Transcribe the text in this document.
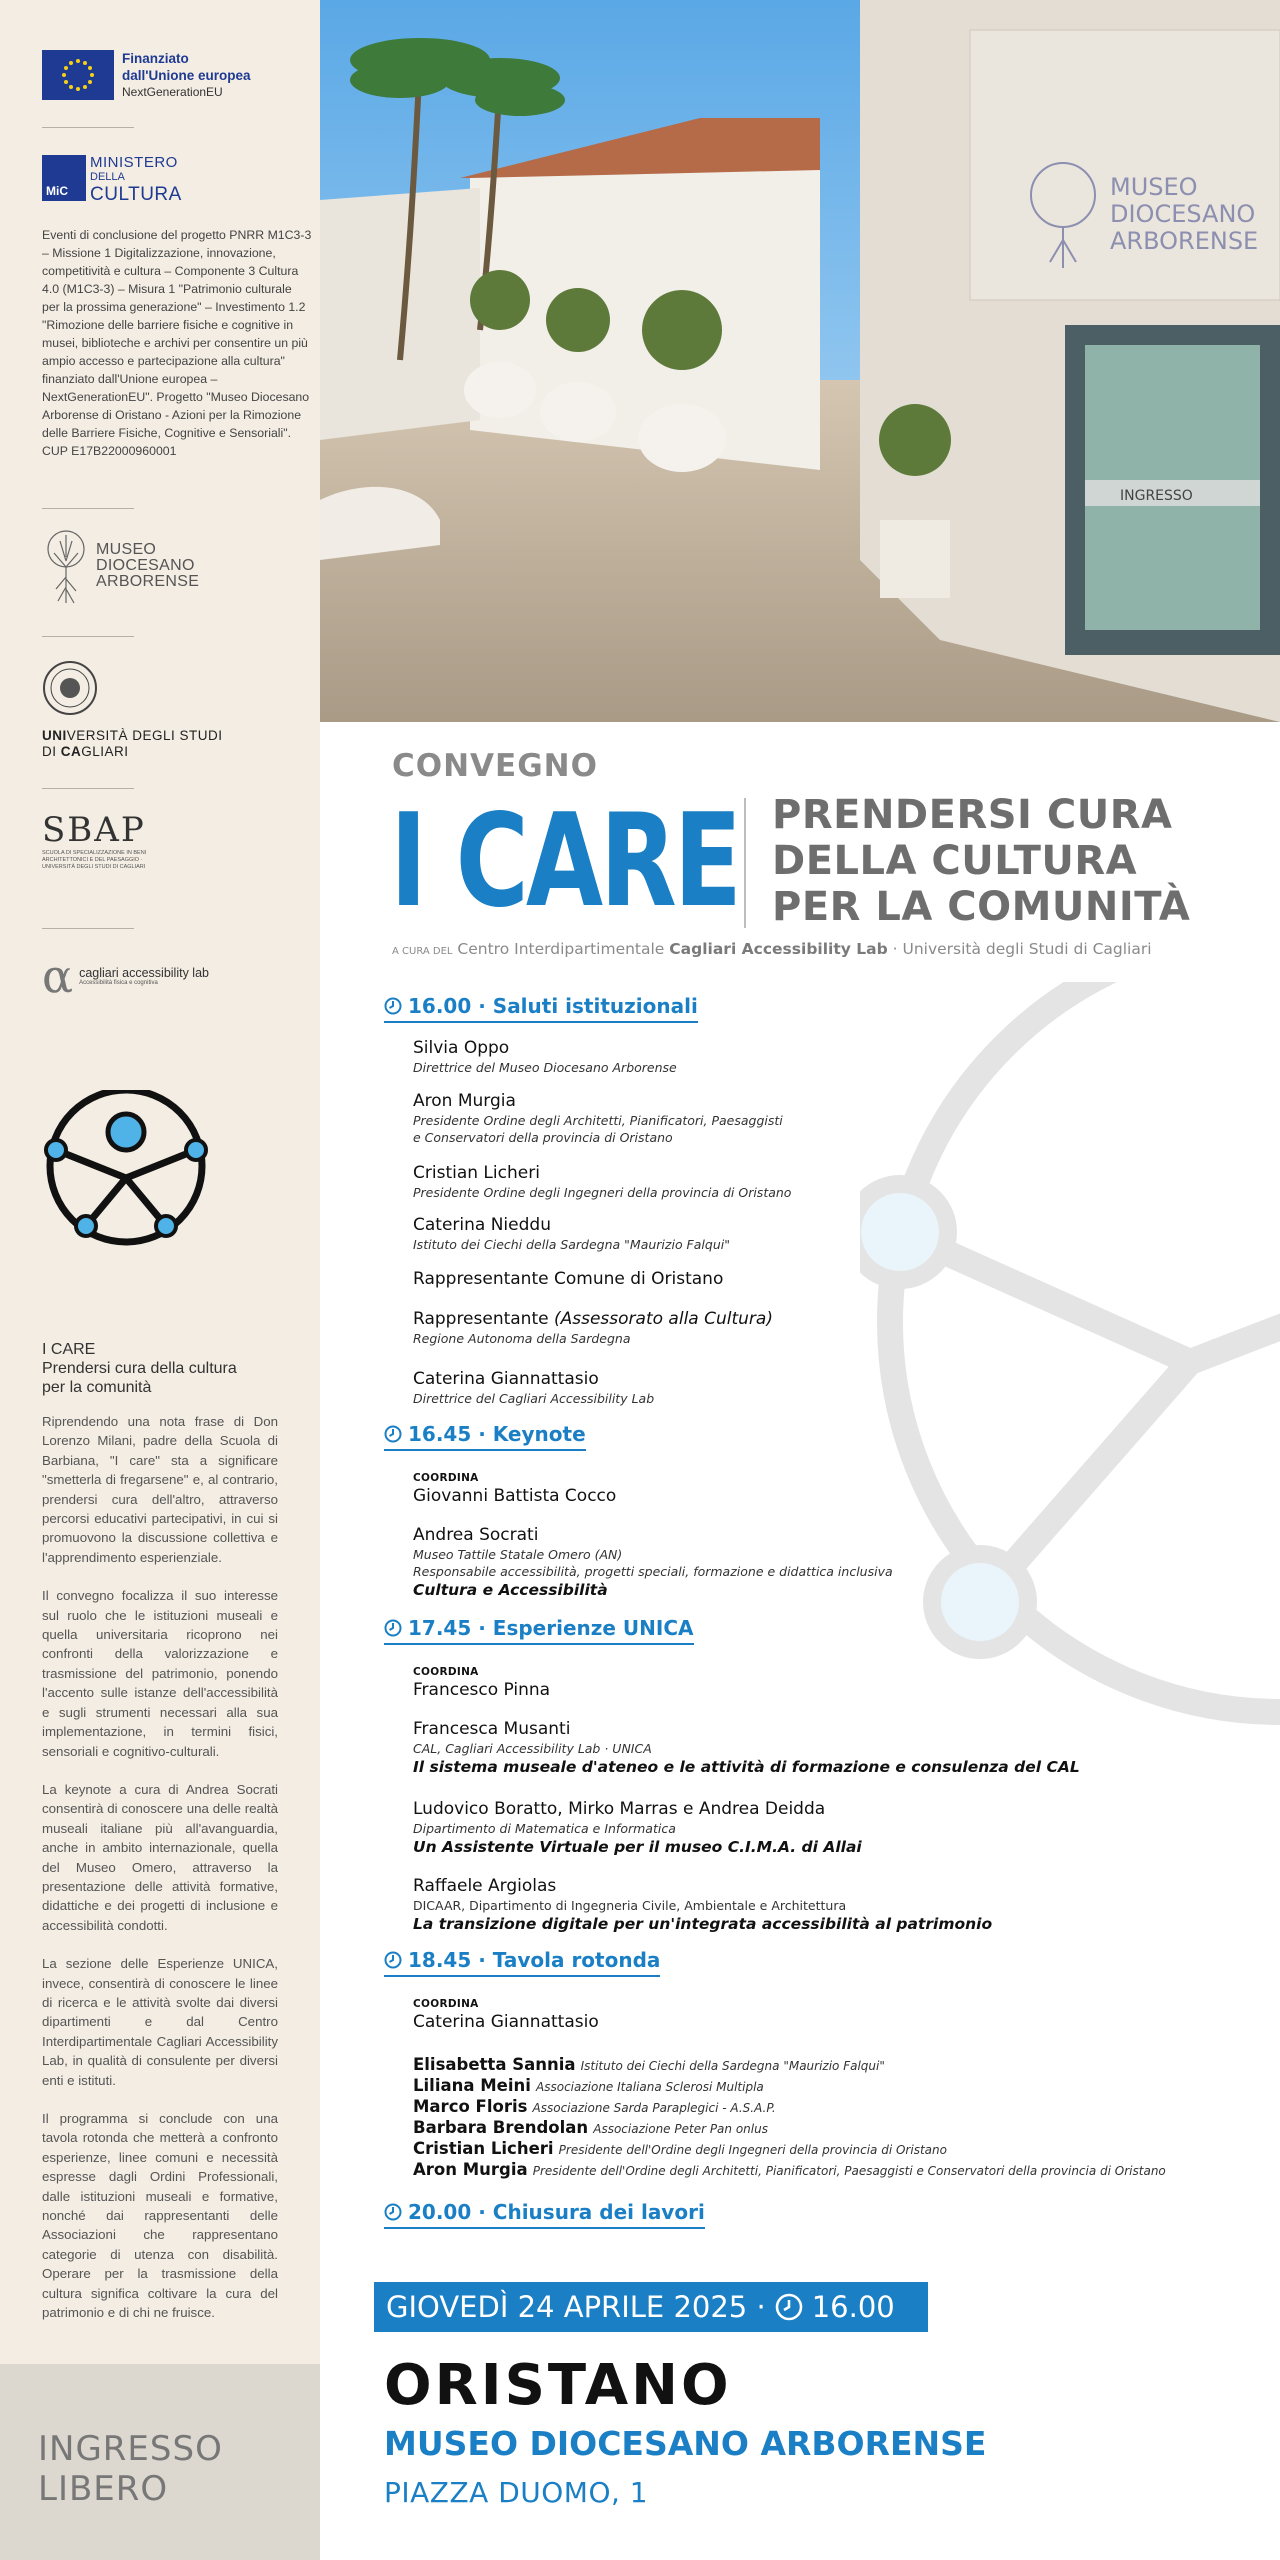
Finanziato
dall'Unione europea
NextGenerationEU
MiC
MINISTERO
DELLA
CULTURA
Eventi di conclusione del progetto PNRR M1C3-3 – Missione 1 Digitalizzazione, innovazione, competitività e cultura – Componente 3 Cultura 4.0 (M1C3-3) – Misura 1 "Patrimonio culturale per la prossima generazione" – Investimento 1.2 "Rimozione delle barriere fisiche e cognitive in musei, biblioteche e archivi per consentire un più ampio accesso e partecipazione alla cultura" finanziato dall'Unione europea – NextGenerationEU". Progetto "Museo Diocesano Arborense di Oristano - Azioni per la Rimozione delle Barriere Fisiche, Cognitive e Sensoriali". CUP E17B22000960001
MUSEO
DIOCESANO
ARBORENSE
UNIVERSITÀ DEGLI STUDI
DI CAGLIARI
SBAP
SCUOLA DI SPECIALIZZAZIONE IN BENI ARCHITETTONICI E DEL PAESAGGIO · UNIVERSITÀ DEGLI STUDI DI CAGLIARI
α cagliari accessibility lab
Accessibilità fisica e cognitiva
I CARE
Prendersi cura della cultura
per la comunità

Riprendendo una nota frase di Don Lorenzo Milani, padre della Scuola di Barbiana, "I care" sta a significare "smetterla di fregarsene" e, al contrario, prendersi cura dell'altro, attraverso percorsi educativi partecipativi, in cui si promuovono la discussione collettiva e l'apprendimento esperienziale.

Il convegno focalizza il suo interesse sul ruolo che le istituzioni museali e quella universitaria ricoprono nei confronti della valorizzazione e trasmissione del patrimonio, ponendo l'accento sulle istanze dell'accessibilità e sugli strumenti necessari alla sua implementazione, in termini fisici, sensoriali e cognitivo-culturali.

La keynote a cura di Andrea Socrati consentirà di conoscere una delle realtà museali italiane più all'avanguardia, anche in ambito internazionale, quella del Museo Omero, attraverso la presentazione delle attività formative, didattiche e dei progetti di inclusione e accessibilità condotti.

La sezione delle Esperienze UNICA, invece, consentirà di conoscere le linee di ricerca e le attività svolte dai diversi dipartimenti e dal Centro Interdipartimentale Cagliari Accessibility Lab, in qualità di consulente per diversi enti e istituti.

Il programma si conclude con una tavola rotonda che metterà a confronto esperienze, linee comuni e necessità espresse dagli Ordini Professionali, dalle istituzioni museali e formative, nonché dai rappresentanti delle Associazioni che rappresentano categorie di utenza con disabilità. Operare per la trasmissione della cultura significa coltivare la cura del patrimonio e di chi ne fruisce.

INGRESSO
LIBERO
MUSEO
DIOCESANO
ARBORENSE
INGRESSO
CONVEGNO
I CARE PRENDERSI CURA
DELLA CULTURA
PER LA COMUNITÀ
A CURA DEL Centro Interdipartimentale Cagliari Accessibility Lab · Università degli Studi di Cagliari
16.00 · Saluti istituzionali
Silvia Oppo
Direttrice del Museo Diocesano Arborense
Aron Murgia
Presidente Ordine degli Architetti, Pianificatori, Paesaggisti
e Conservatori della provincia di Oristano
Cristian Licheri
Presidente Ordine degli Ingegneri della provincia di Oristano
Caterina Nieddu
Istituto dei Ciechi della Sardegna "Maurizio Falqui"
Rappresentante Comune di Oristano
Rappresentante (Assessorato alla Cultura)
Regione Autonoma della Sardegna
Caterina Giannattasio
Direttrice del Cagliari Accessibility Lab
16.45 · Keynote
COORDINA
Giovanni Battista Cocco
Andrea Socrati
Museo Tattile Statale Omero (AN)
Responsabile accessibilità, progetti speciali, formazione e didattica inclusiva
Cultura e Accessibilità
17.45 · Esperienze UNICA
COORDINA
Francesco Pinna
Francesca Musanti
CAL, Cagliari Accessibility Lab · UNICA
Il sistema museale d'ateneo e le attività di formazione e consulenza del CAL
Ludovico Boratto, Mirko Marras e Andrea Deidda
Dipartimento di Matematica e Informatica
Un Assistente Virtuale per il museo C.I.M.A. di Allai
Raffaele Argiolas
DICAAR, Dipartimento di Ingegneria Civile, Ambientale e Architettura
La transizione digitale per un'integrata accessibilità al patrimonio
18.45 · Tavola rotonda
COORDINA
Caterina Giannattasio
Elisabetta Sannia Istituto dei Ciechi della Sardegna "Maurizio Falqui"
Liliana Meini Associazione Italiana Sclerosi Multipla
Marco Floris Associazione Sarda Paraplegici - A.S.A.P.
Barbara Brendolan Associazione Peter Pan onlus
Cristian Licheri Presidente dell'Ordine degli Ingegneri della provincia di Oristano
Aron Murgia Presidente dell'Ordine degli Architetti, Pianificatori, Paesaggisti e Conservatori della provincia di Oristano
20.00 · Chiusura dei lavori
GIOVEDÌ 24 APRILE 2025 · 16.00
ORISTANO
MUSEO DIOCESANO ARBORENSE
PIAZZA DUOMO, 1
